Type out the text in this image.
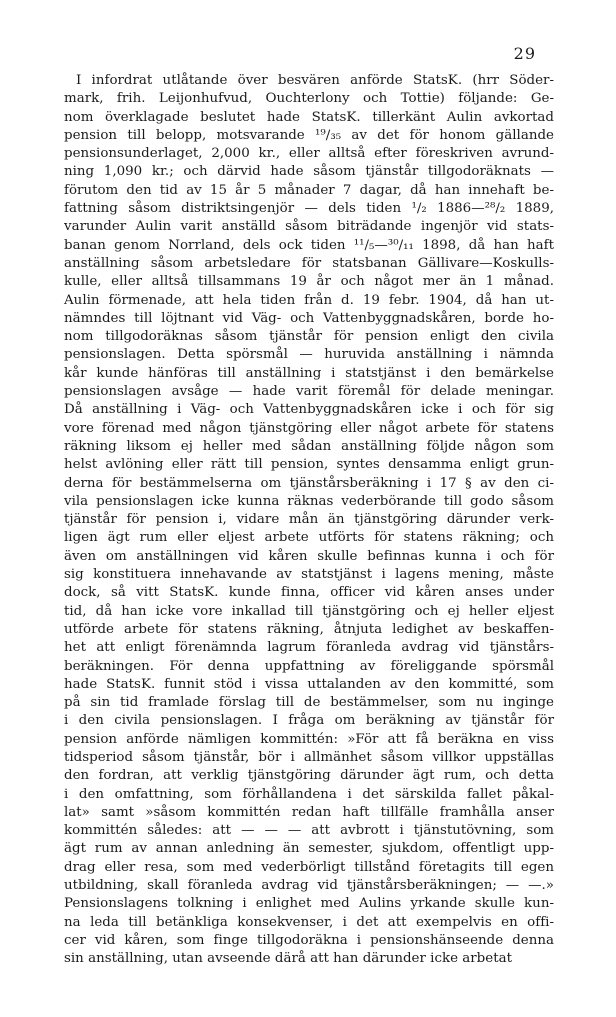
29
I infordrat utlåtande över besvären anförde StatsK. (hrr Söder-
mark, frih. Leijonhufvud, Ouchterlony och Tottie) följande: Ge-
nom överklagade beslutet hade StatsK. tillerkänt Aulin avkortad
pension till belopp, motsvarande ¹⁹/₃₅ av det för honom gällande
pensionsunderlaget, 2,000 kr., eller alltså efter föreskriven avrund-
ning 1,090 kr.; och därvid hade såsom tjänstår tillgodoräknats —
förutom den tid av 15 år 5 månader 7 dagar, då han innehaft be-
fattning såsom distriktsingenjör — dels tiden ¹/₂ 1886—²⁸/₂ 1889,
varunder Aulin varit anställd såsom biträdande ingenjör vid stats-
banan genom Norrland, dels ock tiden ¹¹/₅—³⁰/₁₁ 1898, då han haft
anställning såsom arbetsledare för statsbanan Gällivare—Koskulls-
kulle, eller alltså tillsammans 19 år och något mer än 1 månad.
Aulin förmenade, att hela tiden från d. 19 febr. 1904, då han ut-
nämndes till löjtnant vid Väg- och Vattenbyggnadskåren, borde ho-
nom tillgodoräknas såsom tjänstår för pension enligt den civila
pensionslagen. Detta spörsmål — huruvida anställning i nämnda
kår kunde hänföras till anställning i statstjänst i den bemärkelse
pensionslagen avsåge — hade varit föremål för delade meningar.
Då anställning i Väg- och Vattenbyggnadskåren icke i och för sig
vore förenad med någon tjänstgöring eller något arbete för statens
räkning liksom ej heller med sådan anställning följde någon som
helst avlöning eller rätt till pension, syntes densamma enligt grun-
derna för bestämmelserna om tjänstårsberäkning i 17 § av den ci-
vila pensionslagen icke kunna räknas vederbörande till godo såsom
tjänstår för pension i, vidare mån än tjänstgöring därunder verk-
ligen ägt rum eller eljest arbete utförts för statens räkning; och
även om anställningen vid kåren skulle befinnas kunna i och för
sig konstituera innehavande av statstjänst i lagens mening, måste
dock, så vitt StatsK. kunde finna, officer vid kåren anses under
tid, då han icke vore inkallad till tjänstgöring och ej heller eljest
utförde arbete för statens räkning, åtnjuta ledighet av beskaffen-
het att enligt förenämnda lagrum föranleda avdrag vid tjänstårs-
beräkningen. För denna uppfattning av föreliggande spörsmål
hade StatsK. funnit stöd i vissa uttalanden av den kommitté, som
på sin tid framlade förslag till de bestämmelser, som nu inginge
i den civila pensionslagen. I fråga om beräkning av tjänstår för
pension anförde nämligen kommittén: »För att få beräkna en viss
tidsperiod såsom tjänstår, bör i allmänhet såsom villkor uppställas
den fordran, att verklig tjänstgöring därunder ägt rum, och detta
i den omfattning, som förhållandena i det särskilda fallet påkal-
lat» samt »såsom kommittén redan haft tillfälle framhålla anser
kommittén således: att — — — att avbrott i tjänstutövning, som
ägt rum av annan anledning än semester, sjukdom, offentligt upp-
drag eller resa, som med vederbörligt tillstånd företagits till egen
utbildning, skall föranleda avdrag vid tjänstårsberäkningen; — —.»
Pensionslagens tolkning i enlighet med Aulins yrkande skulle kun-
na leda till betänkliga konsekvenser, i det att exempelvis en offi-
cer vid kåren, som finge tillgodoräkna i pensionshänseende denna
sin anställning, utan avseende därå att han därunder icke arbetat
